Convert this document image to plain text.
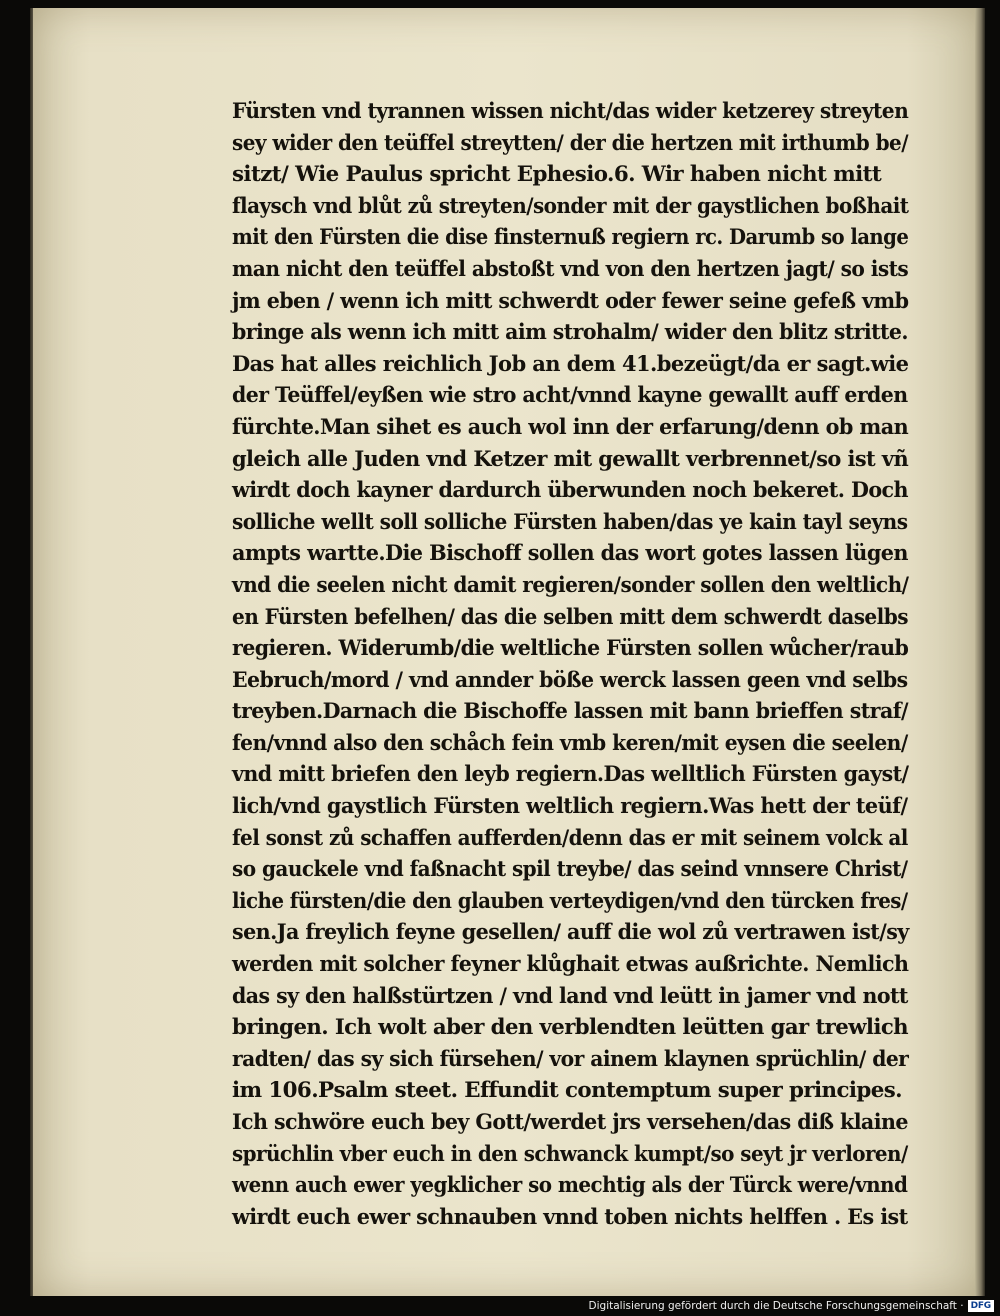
Fürsten vnd tyrannen wissen nicht/das wider ketzerey streyten
sey wider den teüffel streytten/ der die hertzen mit irthumb be/
sitzt/ Wie Paulus spricht Ephesio.6. Wir haben nicht mitt
flaysch vnd blůt zů streyten/sonder mit der gaystlichen boßhait
mit den Fürsten die dise finsternuß regiern rc. Darumb so lange
man nicht den teüffel abstoßt vnd von den hertzen jagt/ so ists
jm eben / wenn ich mitt schwerdt oder fewer seine gefeß vmb
bringe als wenn ich mitt aim strohalm/ wider den blitz stritte.
Das hat alles reichlich Job an dem 41.bezeügt/da er sagt.wie
der Teüffel/eyßen wie stro acht/vnnd kayne gewallt auff erden
fürchte.Man sihet es auch wol inn der erfarung/denn ob man
gleich alle Juden vnd Ketzer mit gewallt verbrennet/so ist vñ
wirdt doch kayner dardurch überwunden noch bekeret. Doch
solliche wellt soll solliche Fürsten haben/das ye kain tayl seyns
ampts wartte.Die Bischoff sollen das wort gotes lassen lügen
vnd die seelen nicht damit regieren/sonder sollen den weltlich/
en Fürsten befelhen/ das die selben mitt dem schwerdt daselbs
regieren. Widerumb/die weltliche Fürsten sollen wůcher/raub
Eebruch/mord / vnd annder böße werck lassen geen vnd selbs
treyben.Darnach die Bischoffe lassen mit bann brieffen straf/
fen/vnnd also den schåch fein vmb keren/mit eysen die seelen/
vnd mitt briefen den leyb regiern.Das welltlich Fürsten gayst/
lich/vnd gaystlich Fürsten weltlich regiern.Was hett der teüf/
fel sonst zů schaffen aufferden/denn das er mit seinem volck al
so gauckele vnd faßnacht spil treybe/ das seind vnnsere Christ/
liche fürsten/die den glauben verteydigen/vnd den türcken fres/
sen.Ja freylich feyne gesellen/ auff die wol zů vertrawen ist/sy
werden mit solcher feyner klůghait etwas außrichte. Nemlich
das sy den halßstürtzen / vnd land vnd leütt in jamer vnd nott
bringen. Ich wolt aber den verblendten leütten gar trewlich
radten/ das sy sich fürsehen/ vor ainem klaynen sprüchlin/ der
im 106.Psalm steet. Effundit contemptum super principes.
Ich schwöre euch bey Gott/werdet jrs versehen/das diß klaine
sprüchlin vber euch in den schwanck kumpt/so seyt jr verloren/
wenn auch ewer yegklicher so mechtig als der Türck were/vnnd
wirdt euch ewer schnauben vnnd toben nichts helffen . Es ist
Digitalisierung gefördert durch die Deutsche Forschungsgemeinschaft · DFG
